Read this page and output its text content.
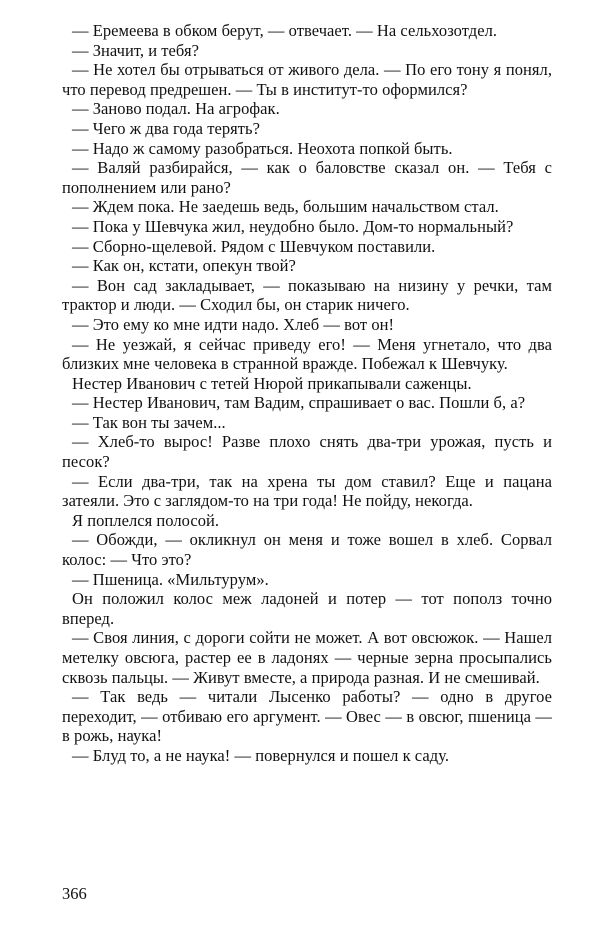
— Еремеева в обком берут, — отвечает. — На сельхозотдел.

— Значит, и тебя?

— Не хотел бы отрываться от живого дела. — По его тону я понял, что перевод предрешен. — Ты в институт-то оформился?

— Заново подал. На агрофак.

— Чего ж два года терять?

— Надо ж самому разобраться. Неохота попкой быть.

— Валяй разбирайся, — как о баловстве сказал он. — Тебя с пополнением или рано?

— Ждем пока. Не заедешь ведь, большим начальством стал.

— Пока у Шевчука жил, неудобно было. Дом-то нормальный?

— Сборно-щелевой. Рядом с Шевчуком поставили.

— Как он, кстати, опекун твой?

— Вон сад закладывает, — показываю на низину у речки, там трактор и люди. — Сходил бы, он старик ничего.

— Это ему ко мне идти надо. Хлеб — вот он!

— Не уезжай, я сейчас приведу его! — Меня угнетало, что два близких мне человека в странной вражде. Побежал к Шевчуку.

Нестер Иванович с тетей Нюрой прикапывали саженцы.

— Нестер Иванович, там Вадим, спрашивает о вас. Пошли б, а?

— Так вон ты зачем...

— Хлеб-то вырос! Разве плохо снять два-три урожая, пусть и песок?

— Если два-три, так на хрена ты дом ставил? Еще и пацана затеяли. Это с заглядом-то на три года! Не пойду, некогда.

Я поплелся полосой.

— Обожди, — окликнул он меня и тоже вошел в хлеб. Сорвал колос: — Что это?

— Пшеница. «Мильтурум».

Он положил колос меж ладоней и потер — тот пополз точно вперед.

— Своя линия, с дороги сойти не может. А вот овсюжок. — Нашел метелку овсюга, растер ее в ладонях — черные зерна просыпались сквозь пальцы. — Живут вместе, а природа разная. И не смешивай.

— Так ведь — читали Лысенко работы? — одно в другое переходит, — отбиваю его аргумент. — Овес — в овсюг, пшеница — в рожь, наука!

— Блуд то, а не наука! — повернулся и пошел к саду.

366
